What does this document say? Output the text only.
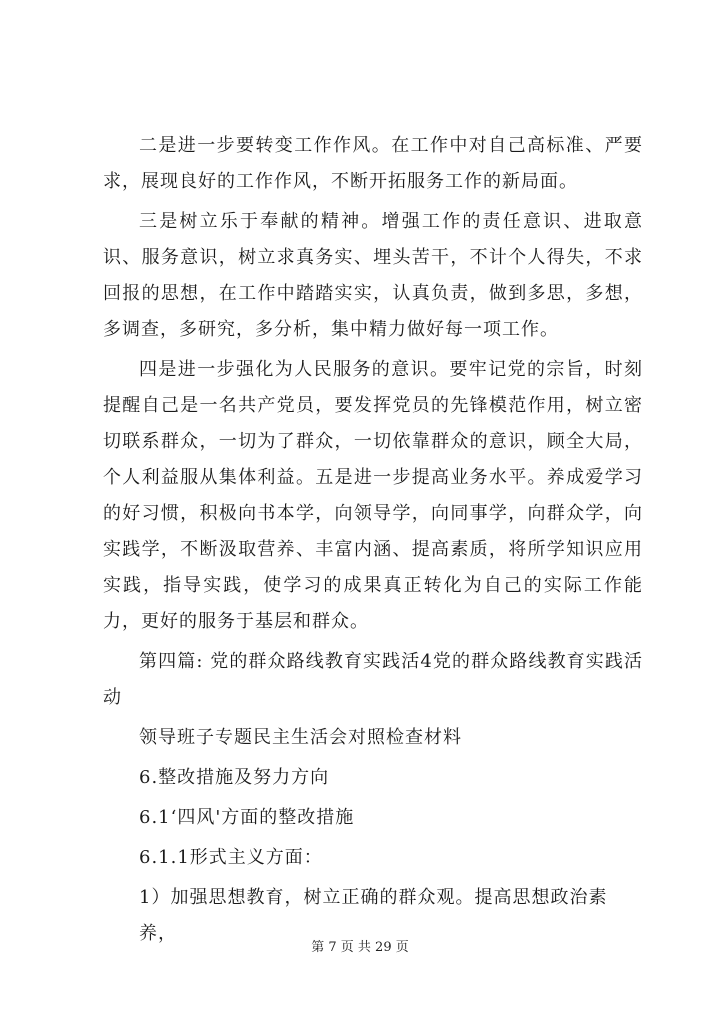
二是进一步要转变工作作风。在工作中对自己高标准、严要求，展现良好的工作作风，不断开拓服务工作的新局面。

三是树立乐于奉献的精神。增强工作的责任意识、进取意识、服务意识，树立求真务实、埋头苦干，不计个人得失，不求回报的思想，在工作中踏踏实实，认真负责，做到多思，多想，多调查，多研究，多分析，集中精力做好每一项工作。

四是进一步强化为人民服务的意识。要牢记党的宗旨，时刻提醒自己是一名共产党员，要发挥党员的先锋模范作用，树立密切联系群众，一切为了群众，一切依靠群众的意识，顾全大局，个人利益服从集体利益。五是进一步提高业务水平。养成爱学习的好习惯，积极向书本学，向领导学，向同事学，向群众学，向实践学，不断汲取营养、丰富内涵、提高素质，将所学知识应用实践，指导实践，使学习的成果真正转化为自己的实际工作能力，更好的服务于基层和群众。

第四篇: 党的群众路线教育实践活4党的群众路线教育实践活动

领导班子专题民主生活会对照检查材料

6.整改措施及努力方向

6.1‘四风'方面的整改措施

6.1.1形式主义方面：

1）加强思想教育，树立正确的群众观。提高思想政治素养，

第 7 页 共 29 页
